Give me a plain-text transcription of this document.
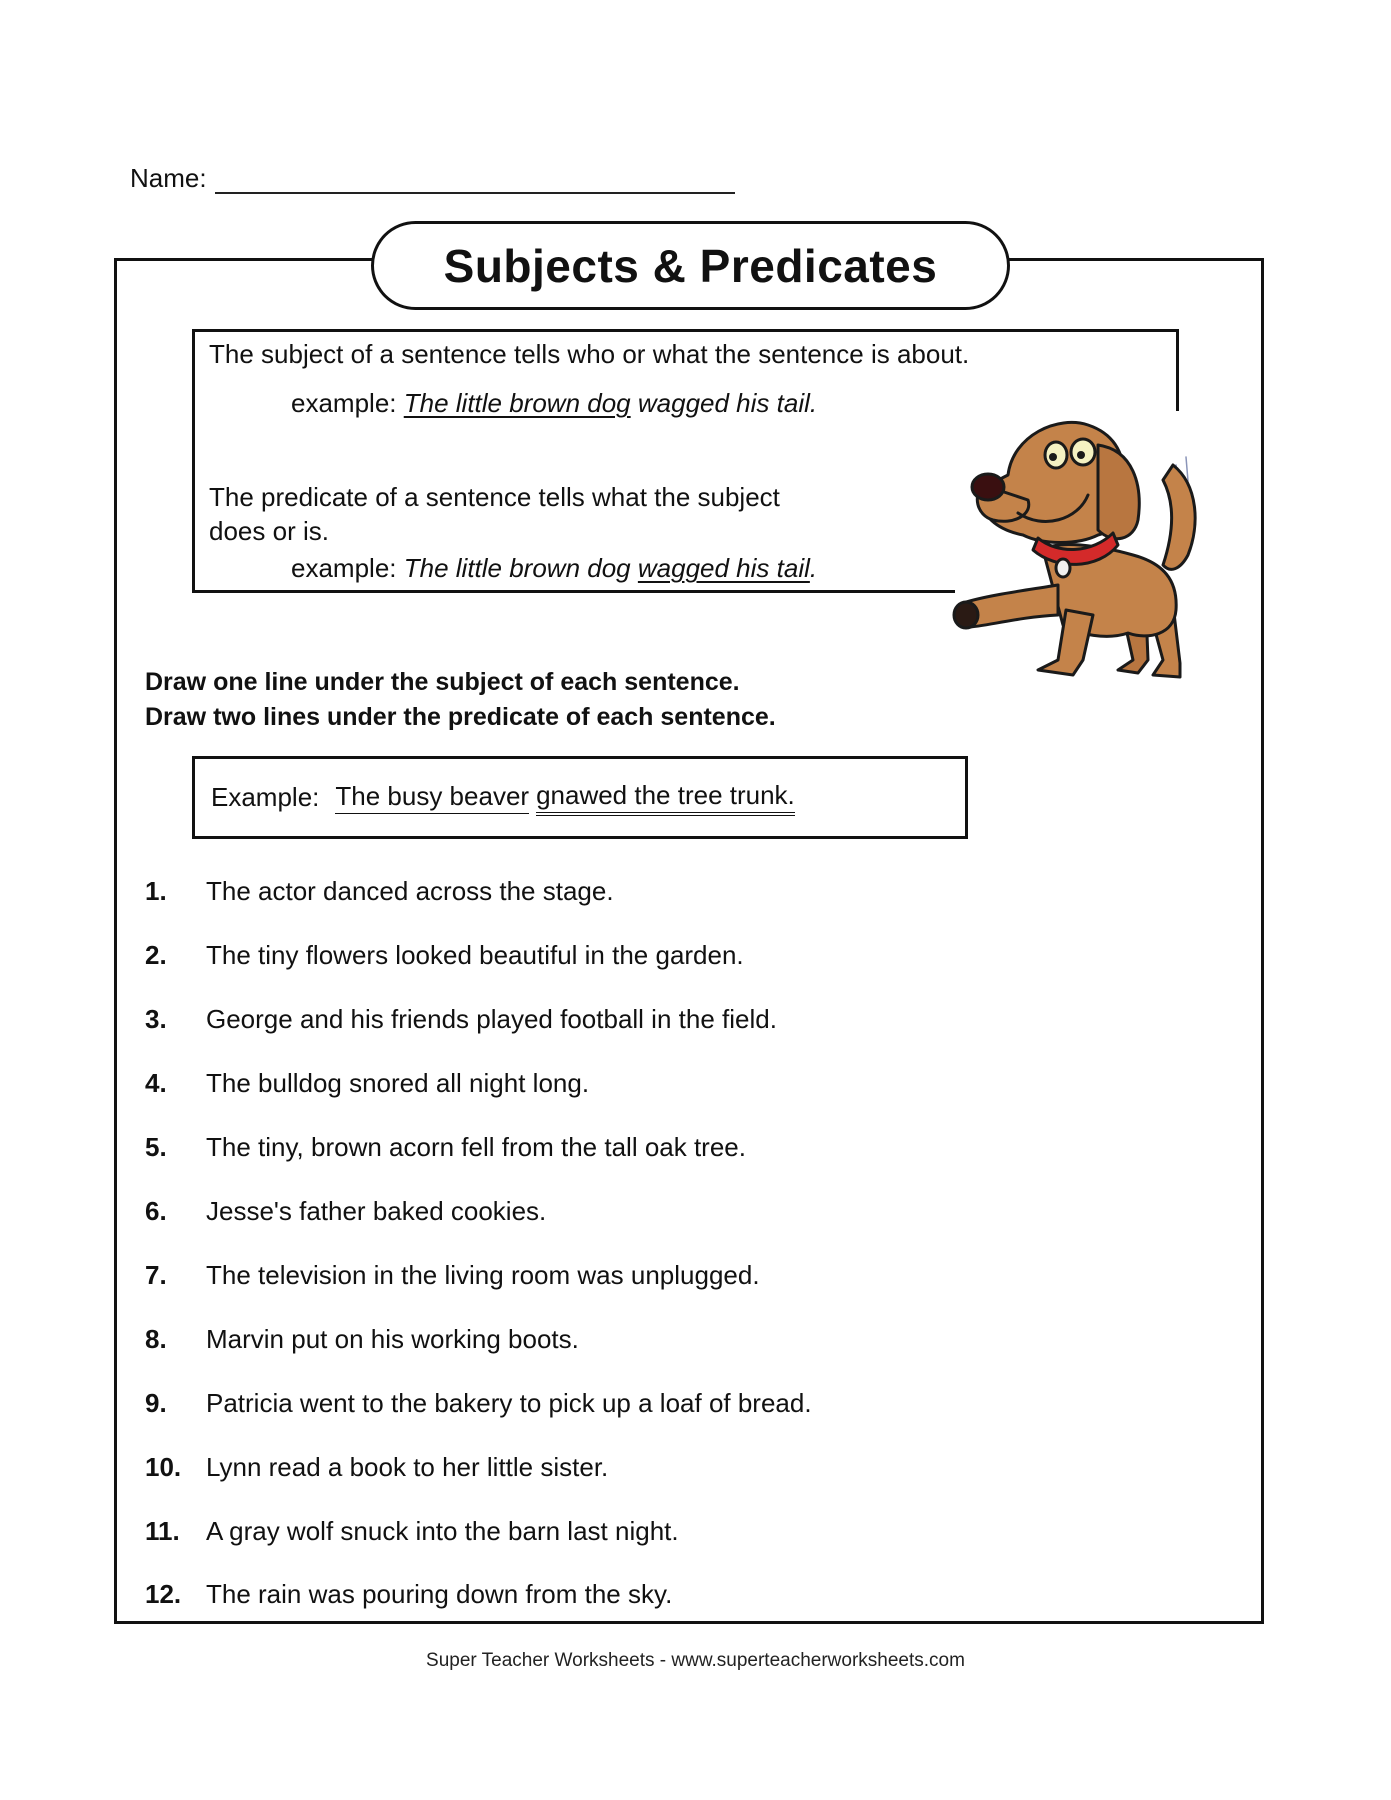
Name:
Subjects & Predicates
The subject of a sentence tells who or what the sentence is about.
example: The little brown dog wagged his tail.
The predicate of a sentence tells what the subject
does or is.
example: The little brown dog wagged his tail.
Draw one line under the subject of each sentence.
Draw two lines under the predicate of each sentence.
Example: The busy beaver gnawed the tree trunk.
1.	The actor danced across the stage.
2.	The tiny flowers looked beautiful in the garden.
3.	George and his friends played football in the field.
4.	The bulldog snored all night long.
5.	The tiny, brown acorn fell from the tall oak tree.
6.	Jesse's father baked cookies.
7.	The television in the living room was unplugged.
8.	Marvin put on his working boots.
9.	Patricia went to the bakery to pick up a loaf of bread.
10. Lynn read a book to her little sister.
11.	A gray wolf snuck into the barn last night.
12. The rain was pouring down from the sky.
Super Teacher Worksheets - www.superteacherworksheets.com
